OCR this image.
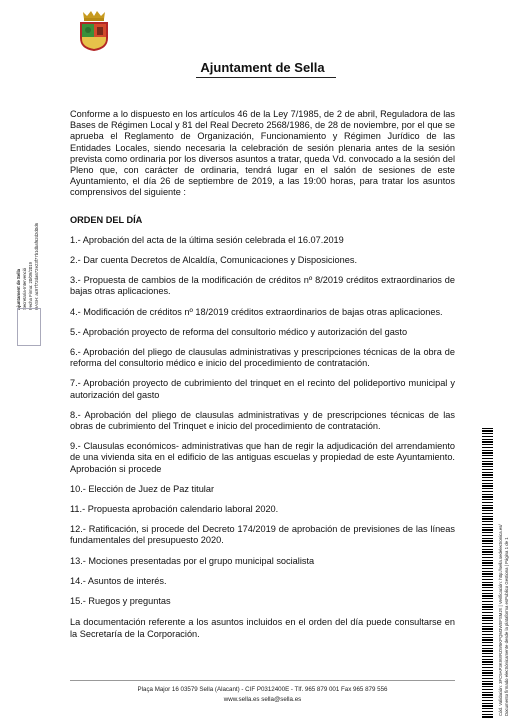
Ajuntament de Sella
Ajuntament de Sella Secretaria-Intervenció Fecha Firma: 20/09/2019 HASH: ac97f72da672e23f77b1dbaf62d2d0d6

Conforme a lo dispuesto en los artículos 46 de la Ley 7/1985, de 2 de abril, Reguladora de las Bases de Régimen Local y 81 del Real Decreto 2568/1986, de 28 de noviembre, por el que se aprueba el Reglamento de Organización, Funcionamiento y Régimen Jurídico de las Entidades Locales, siendo necesaria la celebración de sesión plenaria antes de la sesión prevista como ordinaria por los diversos asuntos a tratar, queda Vd. convocado a la sesión del Pleno que, con carácter de ordinaria, tendrá lugar en el salón de sesiones de este Ayuntamiento, el día 26 de septiembre de 2019, a las 19:00 horas, para tratar los asuntos comprensivos del siguiente :

ORDEN DEL DÍA

1.- Aprobación del acta de la última sesión celebrada el 16.07.2019

2.- Dar cuenta Decretos de Alcaldía, Comunicaciones y Disposiciones.

3.- Propuesta de cambios de la modificación de créditos nº 8/2019 créditos extraordinarios de bajas otras aplicaciones.

4.- Modificación de créditos nº 18/2019 créditos extraordinarios de bajas otras aplicaciones.

5.- Aprobación proyecto de reforma del consultorio médico y autorización del gasto

6.- Aprobación del pliego de clausulas administrativas y prescripciones técnicas de la obra de reforma del consultorio médico e inicio del procedimiento de contratación.

7.- Aprobación proyecto de cubrimiento del trinquet en el recinto del polideportivo municipal y autorización del gasto

8.- Aprobación del pliego de clausulas administrativas y de prescripciones técnicas de las obras de cubrimiento del Trinquet e inicio del procedimiento de contratación.

9.- Clausulas económicos- administrativas que han de regir la adjudicación del arrendamiento de una vivienda sita en el edificio de las antiguas escuelas y propiedad de este Ayuntamiento. Aprobación si procede

10.- Elección de Juez de Paz titular

11.- Propuesta aprobación calendario laboral 2020.

12.- Ratificación, si procede del Decreto 174/2019 de aprobación de previsiones de las líneas fundamentales del presupuesto 2020.

13.- Mociones presentadas por el grupo municipal socialista

14.- Asuntos de interés.

15.- Ruegos y preguntas

La documentación referente a los asuntos incluidos en el orden del día puede consultarse en la Secretaría de la Corporación.

Plaça Major 16 03579 Sella (Alacant) - CIF P0312400E - Tlf. 965 879 001 Fax 965 879 556
www.sella.es sella@sella.es	Cód. Validación: 3FC9AP3K9WRZW5KPQM3WEFSMJX | Verificación: http://sella.sedelectronica.es/ Documento firmado electrónicamente desde la plataforma esPublico Gestiona | Página 1 de 1
